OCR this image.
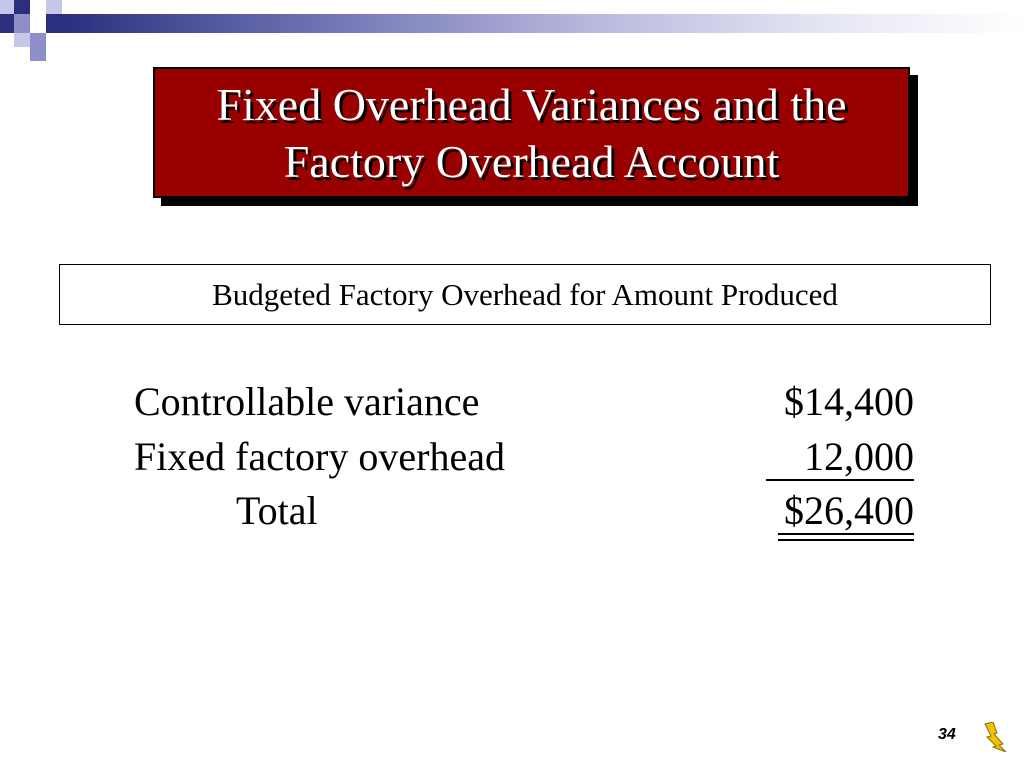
Fixed Overhead Variances and the
Factory Overhead Account
Budgeted Factory Overhead for Amount Produced
Controllable variance	$14,400
Fixed factory overhead	12,000
Total	$26,400
34
